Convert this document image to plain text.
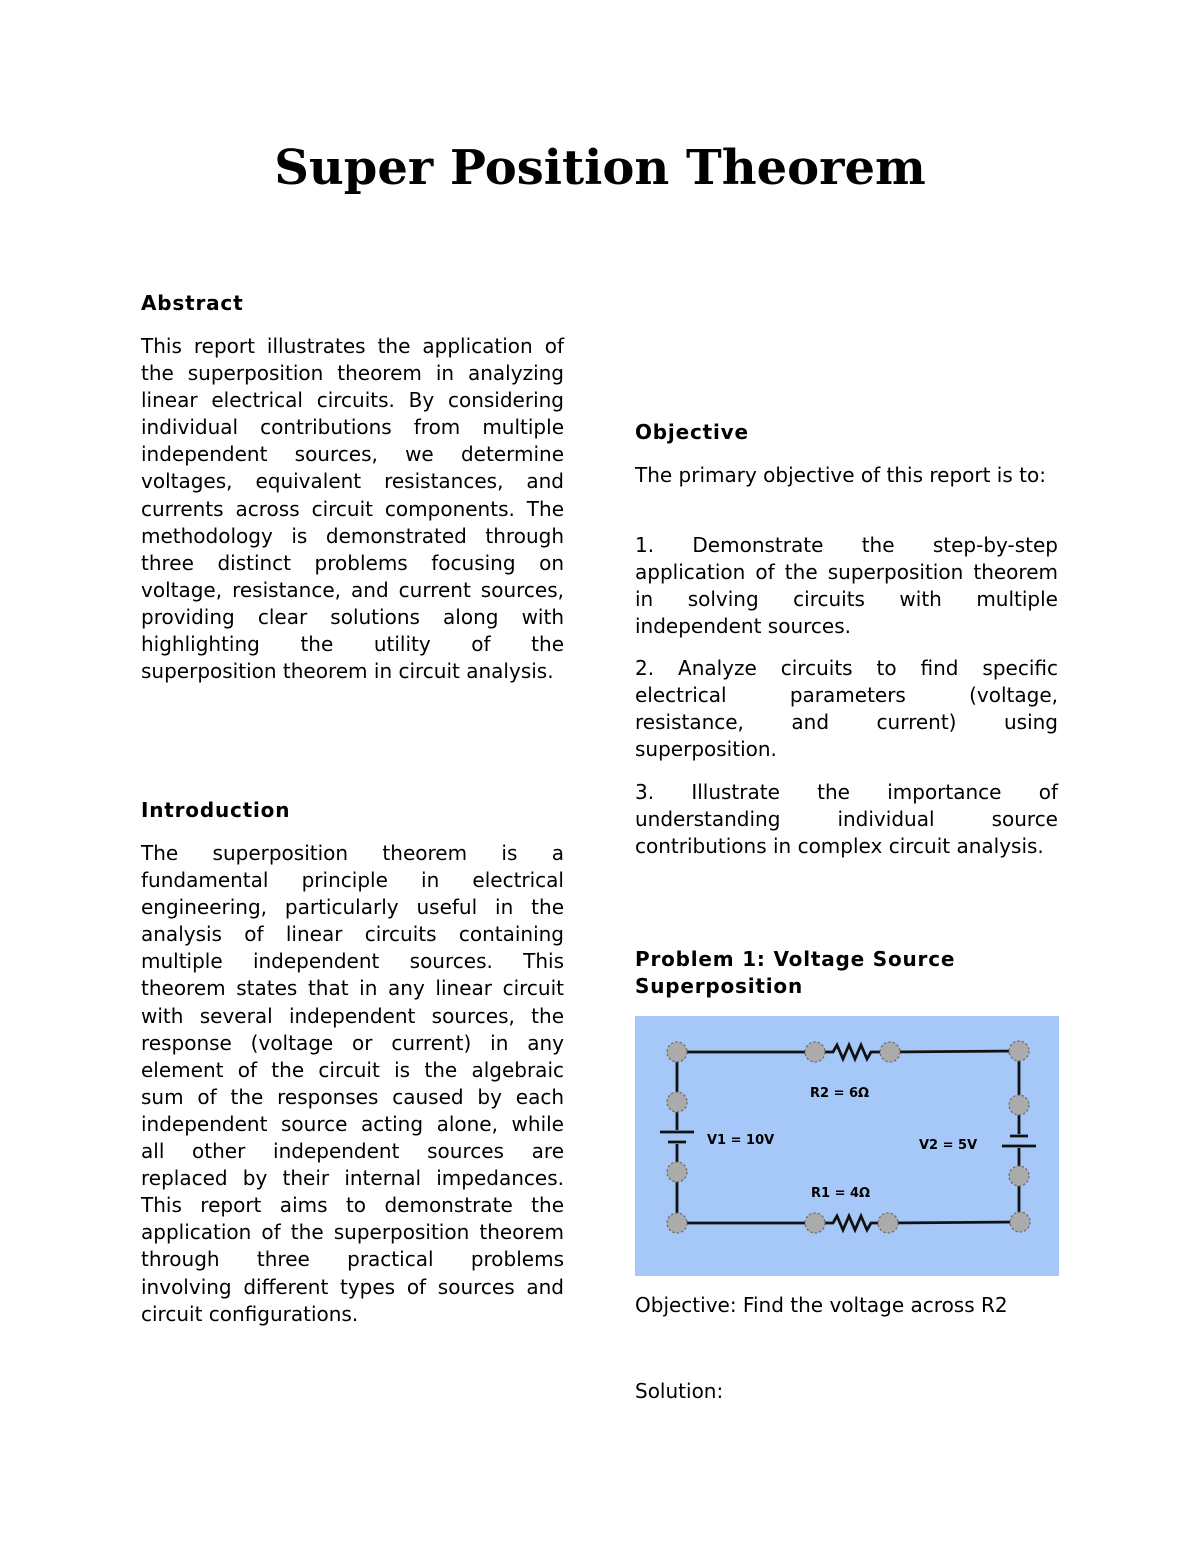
Super Position Theorem
Abstract

This report illustrates the application of the superposition theorem in analyzing linear electrical circuits. By considering individual contributions from multiple independent sources, we determine voltages, equivalent resistances, and currents across circuit components. The methodology is demonstrated through three distinct problems focusing on voltage, resistance, and current sources, providing clear solutions along with highlighting the utility of the superposition theorem in circuit analysis.

Introduction

The superposition theorem is a fundamental principle in electrical engineering, particularly useful in the analysis of linear circuits containing multiple independent sources. This theorem states that in any linear circuit with several independent sources, the response (voltage or current) in any element of the circuit is the algebraic sum of the responses caused by each independent source acting alone, while all other independent sources are replaced by their internal impedances. This report aims to demonstrate the application of the superposition theorem through three practical problems involving different types of sources and circuit configurations.

Objective

The primary objective of this report is to:

1. Demonstrate the step-by-step application of the superposition theorem in solving circuits with multiple independent sources.

2. Analyze circuits to find specific electrical parameters (voltage, resistance, and current) using superposition.

3. Illustrate the importance of understanding individual source contributions in complex circuit analysis.

Problem 1: Voltage Source
Superposition
R2 = 6Ω
R1 = 4Ω
V1 = 10V	V2 = 5V

Objective: Find the voltage across R2

Solution:
